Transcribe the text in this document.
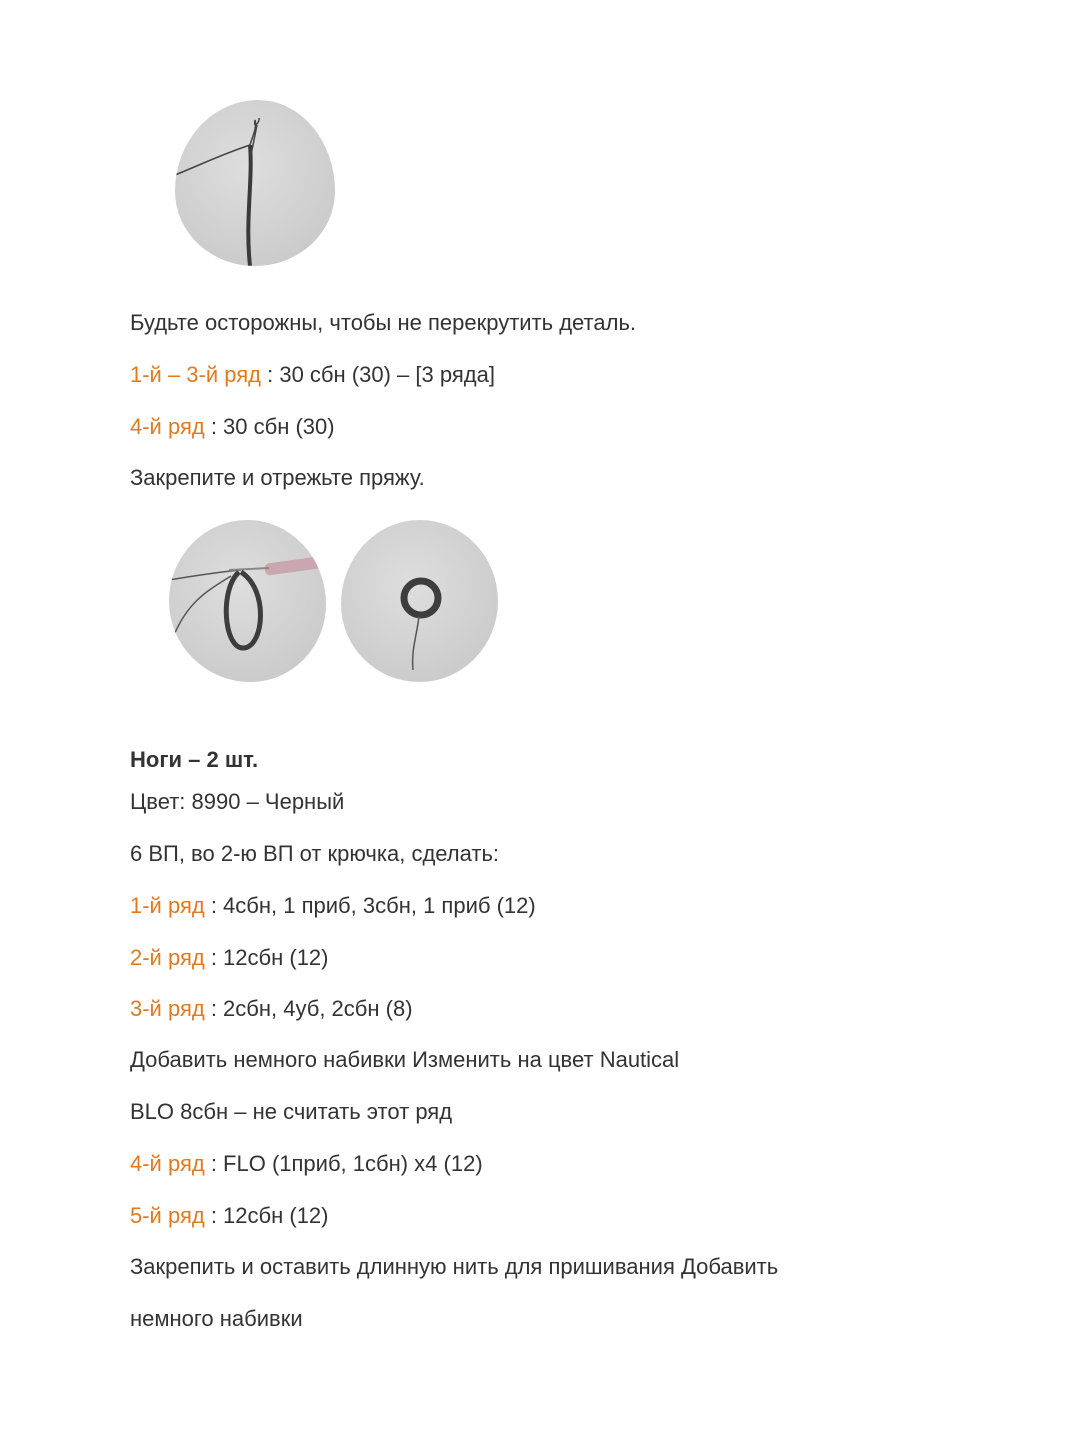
Будьте осторожны, чтобы не перекрутить деталь.

1-й – 3-й ряд : 30 сбн (30) – [3 ряда]

4-й ряд : 30 сбн (30)

Закрепите и отрежьте пряжу.

Ноги – 2 шт.

Цвет: 8990 – Черный

6 ВП, во 2-ю ВП от крючка, сделать:

1-й ряд : 4сбн, 1 приб, 3сбн, 1 приб (12)

2-й ряд : 12сбн (12)

3-й ряд : 2сбн, 4уб, 2сбн (8)

Добавить немного набивки Изменить на цвет Nautical

BLO 8сбн – не считать этот ряд

4-й ряд : FLO (1приб, 1сбн) х4 (12)

5-й ряд : 12сбн (12)

Закрепить и оставить длинную нить для пришивания Добавить

немного набивки
